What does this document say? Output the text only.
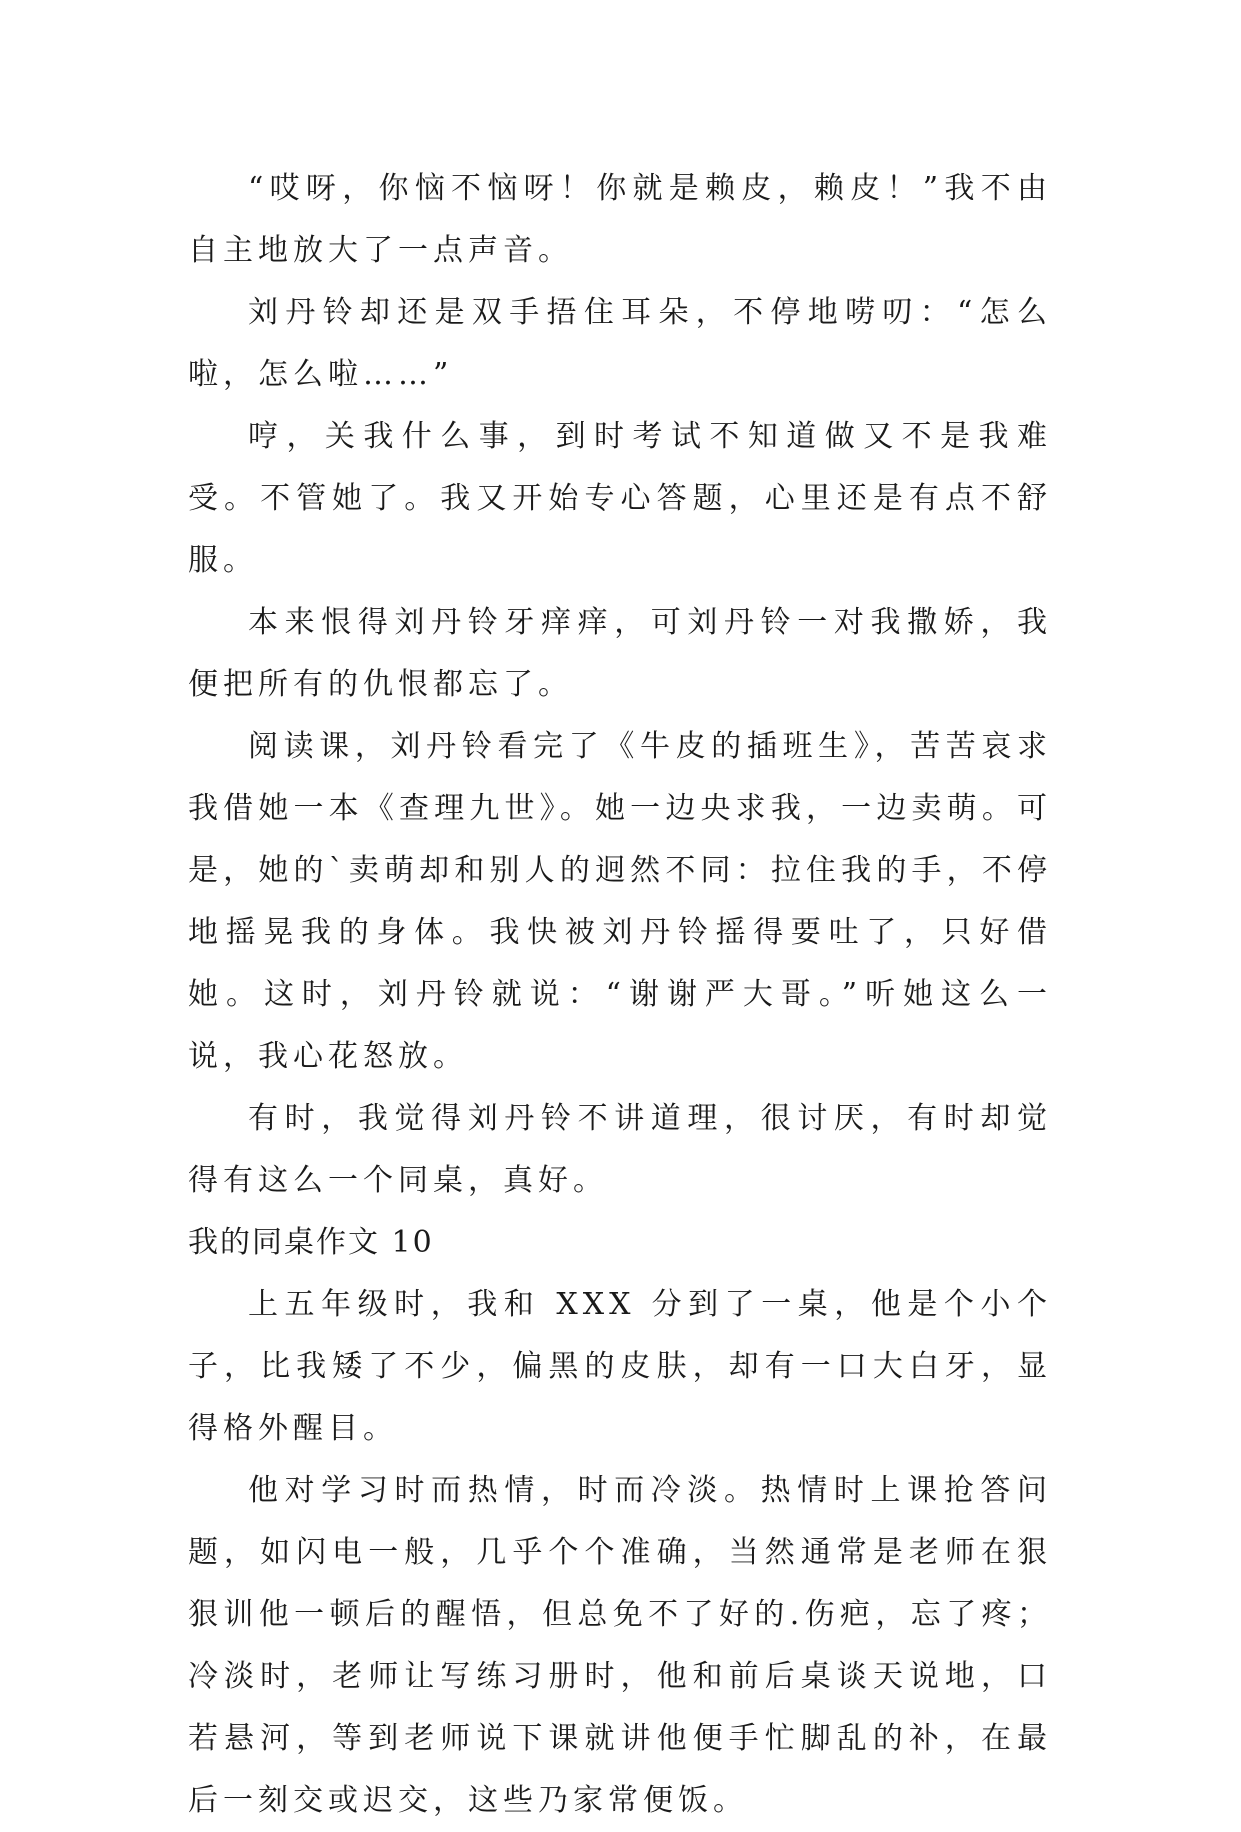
“哎呀，你恼不恼呀！你就是赖皮，赖皮！”我不由自主地放大了一点声音。

刘丹铃却还是双手捂住耳朵，不停地唠叨：“怎么啦，怎么啦……”

哼，关我什么事，到时考试不知道做又不是我难受。不管她了。我又开始专心答题，心里还是有点不舒服。

本来恨得刘丹铃牙痒痒，可刘丹铃一对我撒娇，我便把所有的仇恨都忘了。

阅读课，刘丹铃看完了《牛皮的插班生》，苦苦哀求我借她一本《查理九世》。她一边央求我，一边卖萌。可是，她的`卖萌却和别人的迥然不同：拉住我的手，不停地摇晃我的身体。我快被刘丹铃摇得要吐了，只好借她。这时，刘丹铃就说：“谢谢严大哥。”听她这么一说，我心花怒放。

有时，我觉得刘丹铃不讲道理，很讨厌，有时却觉得有这么一个同桌，真好。

我的同桌作文 10

上五年级时，我和 XXX 分到了一桌，他是个小个子，比我矮了不少，偏黑的皮肤，却有一口大白牙，显得格外醒目。

他对学习时而热情，时而冷淡。热情时上课抢答问题，如闪电一般，几乎个个准确，当然通常是老师在狠狠训他一顿后的醒悟，但总免不了好的.伤疤，忘了疼；冷淡时，老师让写练习册时，他和前后桌谈天说地，口若悬河，等到老师说下课就讲他便手忙脚乱的补，在最后一刻交或迟交，这些乃家常便饭。
